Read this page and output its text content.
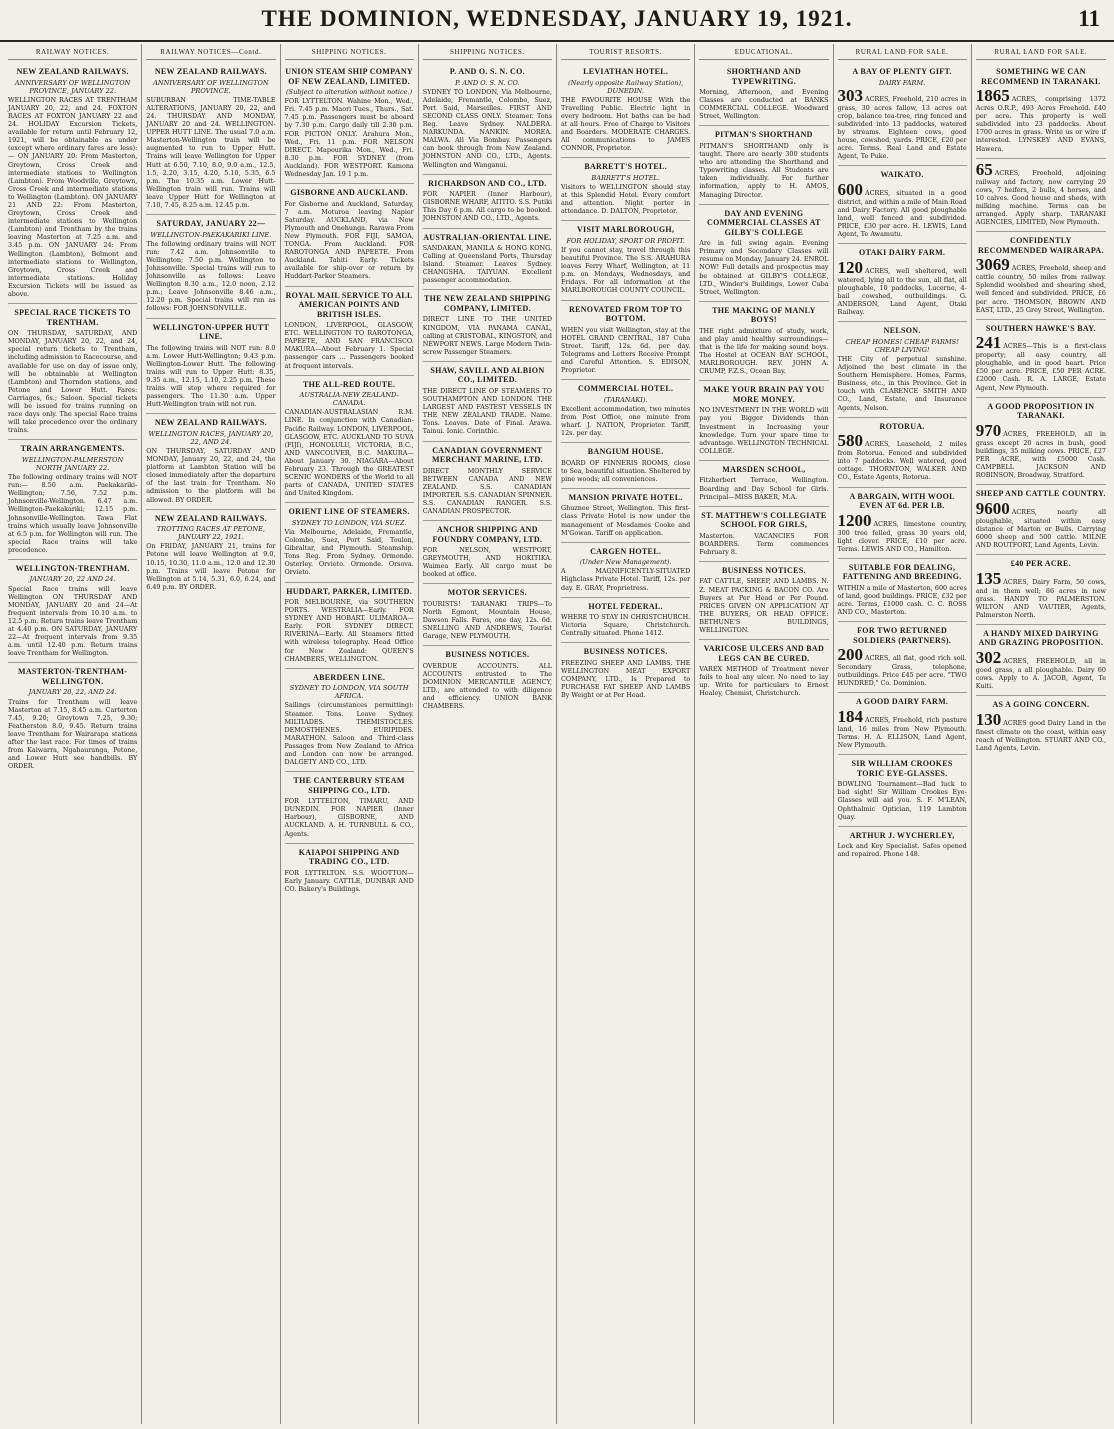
THE DOMINION, WEDNESDAY, JANUARY 19, 1921.	11
RAILWAY NOTICES.
NEW ZEALAND RAILWAYS.
ANNIVERSARY OF WELLINGTON PROVINCE, JANUARY 22.

WELLINGTON RACES AT TRENTHAM JANUARY 20, 22, and 24. FOXTON RACES AT FOXTON JANUARY 22 and 24. HOLIDAY Excursion Tickets, available for return until February 12, 1921, will be obtainable as under (except where ordinary fares are less):— ON JANUARY 20: From Masterton, Greytown, Cross Creek and intermediate stations to Wellington (Lambton). From Woodville, Greytown, Cross Creek and intermediate stations to Wellington (Lambton). ON JANUARY 21 AND 22: From Masterton, Greytown, Cross Creek and intermediate stations to Wellington (Lambton) and Trentham by the trains leaving Masterton at 7.25 a.m. and 3.45 p.m. ON JANUARY 24: From Wellington (Lambton), Belmont and intermediate stations to Wellington, Greytown, Cross Creek and intermediate stations. Holiday Excursion Tickets will be issued as above.

SPECIAL RACE TICKETS TO TRENTHAM.

ON THURSDAY, SATURDAY, AND MONDAY, JANUARY 20, 22, and 24, special return tickets to Trentham, including admission to Racecourse, and available for use on day of issue only, will be obtainable at Wellington (Lambton) and Thorndon stations, and Petone and Lower Hutt. Fares: Carriages, 6s.; Saloon. Special tickets will be issued for trains running on race days only. The special Race trains will take precedence over the ordinary trains.

TRAIN ARRANGEMENTS.
WELLINGTON-PALMERSTON NORTH JANUARY 22.

The following ordinary trains will NOT run:— 8.50 a.m. Paekakariki-Wellington; 7.56, 7.52 p.m. Johnsonville-Wellington. 6.47 a.m. Wellington-Paekakariki; 12.15 p.m. Johnsonville-Wellington. Tawa Flat trains which usually leave Johnsonville at 6.5 p.m. for Wellington will run. The special Race trains will take precedence.

WELLINGTON-TRENTHAM.
JANUARY 20, 22 AND 24.

Special Race trains will leave Wellington ON THURSDAY AND MONDAY, JANUARY 20 and 24—At frequent intervals from 10.10 a.m. to 12.5 p.m. Return trains leave Trentham at 4.40 p.m. ON SATURDAY, JANUARY 22—At frequent intervals from 9.35 a.m. until 12.40 p.m. Return trains leave Trentham for Wellington.

MASTERTON-TRENTHAM-WELLINGTON.
JANUARY 20, 22, AND 24.

Trains for Trentham will leave Masterton at 7.15, 8.45 a.m. Carterton 7.45, 9.20; Greytown 7.25, 9.30; Featherston 8.0, 9.45. Return trains leave Trentham for Wairarapa stations after the last race. For times of trains from Kaiwarra, Ngahauranga, Petone, and Lower Hutt see handbills. BY ORDER.

RAILWAY NOTICES—Contd.
NEW ZEALAND RAILWAYS.
ANNIVERSARY OF WELLINGTON PROVINCE.

SUBURBAN TIME-TABLE ALTERATIONS, JANUARY 20, 22, and 24. THURSDAY AND MONDAY, JANUARY 20 and 24. WELLINGTON-UPPER HUTT LINE. The usual 7.0 a.m. Masterton-Wellington train will be augmented to run to Upper Hutt. Trains will leave Wellington for Upper Hutt at 6.50, 7.10, 8.0, 9.0 a.m., 12.5, 1.5, 2.20, 3.15, 4.20, 5.10, 5.35, 6.5 p.m. The 10.35 a.m. Lower Hutt-Wellington train will run. Trains will leave Upper Hutt for Wellington at 7.10, 7.45, 8.25 a.m. 12.45 p.m.

SATURDAY, JANUARY 22—
WELLINGTON-PAEKAKARIKI LINE.

The following ordinary trains will NOT run: 7.42 a.m. Johnsonville to Wellington; 7.50 p.m. Wellington to Johnsonville. Special trains will run to Johnsonville as follows: Leave Wellington 8.30 a.m., 12.0 noon, 2.12 p.m.; Leave Johnsonville 8.46 a.m., 12.20 p.m. Special trains will run as follows: FOR JOHNSONVILLE.

WELLINGTON-UPPER HUTT LINE.

The following trains will NOT run: 8.0 a.m. Lower Hutt-Wellington; 9.43 p.m. Wellington-Lower Hutt. The following trains will run to Upper Hutt: 8.35, 9.35 a.m., 12.15, 1.10, 2.25 p.m. These trains will stop where required for passengers. The 11.30 a.m. Upper Hutt-Wellington train will not run.

NEW ZEALAND RAILWAYS.
WELLINGTON RACES, JANUARY 20, 22, AND 24.

ON THURSDAY, SATURDAY AND MONDAY, January 20, 22, and 24, the platform at Lambton Station will be closed immediately after the departure of the last train for Trentham. No admission to the platform will be allowed. BY ORDER.

NEW ZEALAND RAILWAYS.
TROTTING RACES AT PETONE, JANUARY 22, 1921.

On FRIDAY, JANUARY 21, trains for Petone will leave Wellington at 9.0, 10.15, 10.30, 11.0 a.m., 12.0 and 12.30 p.m. Trains will leave Petone for Wellington at 5.14, 5.31, 6.0, 6.24, and 6.49 p.m. BY ORDER.

SHIPPING NOTICES.
UNION STEAM SHIP COMPANY OF NEW ZEALAND, LIMITED.
(Subject to alteration without notice.)

FOR LYTTELTON. Wahine Mon., Wed., Fri. 7.45 p.m. Maori Tues., Thurs., Sat. 7.45 p.m. Passengers must be aboard by 7.30 p.m. Cargo daily till 2.30 p.m. FOR PICTON ONLY. Arahura Mon., Wed., Fri. 11 p.m. FOR NELSON DIRECT. Mapourika Mon., Wed., Fri. 8.30 p.m. FOR SYDNEY (from Auckland). FOR WESTPORT. Kamona Wednesday Jan. 19 1 p.m.

GISBORNE AND AUCKLAND.

For Gisborne and Auckland, Saturday, 7 a.m. Moturoa leaving Napier Saturday. AUCKLAND, via New Plymouth and Onehunga. Rarawa From New Plymouth. FOR FIJI, SAMOA, TONGA. From Auckland. FOR RAROTONGA AND PAPEETE. From Auckland. Tahiti Early. Tickets available for ship-over or return by Huddart-Parker Steamers.

ROYAL MAIL SERVICE TO ALL AMERICAN POINTS AND BRITISH ISLES.

LONDON, LIVERPOOL, GLASGOW, ETC. WELLINGTON TO RAROTONGA, PAPEETE, AND SAN FRANCISCO. MAKURA—About February 1. Special passenger cars ... Passengers booked at frequent intervals.

THE ALL-RED ROUTE.
AUSTRALIA-NEW ZEALAND-CANADA.

CANADIAN-AUSTRALASIAN R.M. LINE. In conjunction with Canadian-Pacific Railway. LONDON, LIVERPOOL, GLASGOW, ETC. AUCKLAND TO SUVA (FIJI), HONOLULU, VICTORIA, B.C., AND VANCOUVER, B.C. MAKURA—About January 30. NIAGARA—About February 23. Through the GREATEST SCENIC WONDERS of the World to all parts of CANADA, UNITED STATES and United Kingdom.

ORIENT LINE OF STEAMERS.
SYDNEY TO LONDON, VIA SUEZ.

Via Melbourne, Adelaide, Fremantle, Colombo, Suez, Port Said, Toulon, Gibraltar, and Plymouth. Steamship. Tons Reg. From Sydney. Ormonde. Osterley. Orvieto. Ormonde. Orsova. Orvieto.

HUDDART, PARKER, LIMITED.

FOR MELBOURNE, via SOUTHERN PORTS. WESTRALIA—Early. FOR SYDNEY AND HOBART. ULIMAROA—Early. FOR SYDNEY DIRECT. RIVERINA—Early. All Steamers fitted with wireless telegraphy. Head Office for New Zealand: QUEEN'S CHAMBERS, WELLINGTON.

ABERDEEN LINE.
SYDNEY TO LONDON, VIA SOUTH AFRICA.

Sailings (circumstances permitting): Steamer. Tons. Leave Sydney. MILTIADES. THEMISTOCLES. DEMOSTHENES. EURIPIDES. MARATHON. Saloon and Third-class Passages from New Zealand to Africa and London can now be arranged. DALGETY AND CO., LTD.

THE CANTERBURY STEAM SHIPPING CO., LTD.

FOR LYTTELTON, TIMARU, AND DUNEDIN. FOR NAPIER (Inner Harbour), GISBORNE, AND AUCKLAND. A. H. TURNBULL & CO., Agents.

KAIAPOI SHIPPING AND TRADING CO., LTD.

FOR LYTTELTON. S.S. WOOTTON—Early January. CATTLE, DUNBAR AND CO. Bakery's Buildings.

SHIPPING NOTICES.
P. AND O. S. N. CO.
P. AND O. S. N. CO.

SYDNEY TO LONDON, Via Melbourne, Adelaide, Fremantle, Colombo, Suez, Port Said, Marseilles. FIRST AND SECOND CLASS ONLY. Steamer. Tons Reg. Leave Sydney. NALDERA. NARKUNDA. NANKIN. MOREA. MALWA. All Via Bombay. Passengers can book through from New Zealand. JOHNSTON AND CO., LTD., Agents. Wellington and Wanganui.

RICHARDSON AND CO., LTD.

FOR NAPIER (Inner Harbour), GISBORNE WHARF, AITITO. S.S. Putiki This Day 6 p.m. All cargo to be booked. JOHNSTON AND CO., LTD., Agents.

AUSTRALIAN-ORIENTAL LINE.

SANDAKAN, MANILA & HONG KONG. Calling at Queensland Ports, Thursday Island. Steamer. Leaves Sydney. CHANGSHA. TAIYUAN. Excellent passenger accommodation.

THE NEW ZEALAND SHIPPING COMPANY, LIMITED.

DIRECT LINE TO THE UNITED KINGDOM, VIA PANAMA CANAL, calling at CRISTOBAL, KINGSTON, and NEWPORT NEWS. Large Modern Twin-screw Passenger Steamers.

SHAW, SAVILL AND ALBION CO., LIMITED.

THE DIRECT LINE OF STEAMERS TO SOUTHAMPTON AND LONDON. THE LARGEST AND FASTEST VESSELS IN THE NEW ZEALAND TRADE. Name. Tons. Leaves. Date of Final. Arawa. Tainui. Ionic. Corinthic.

CANADIAN GOVERNMENT MERCHANT MARINE, LTD.

DIRECT MONTHLY SERVICE BETWEEN CANADA AND NEW ZEALAND. S.S. CANADIAN IMPORTER. S.S. CANADIAN SPINNER. S.S. CANADIAN RANGER. S.S. CANADIAN PROSPECTOR.

ANCHOR SHIPPING AND FOUNDRY COMPANY, LTD.

FOR NELSON, WESTPORT, GREYMOUTH, AND HOKITIKA. Waimea Early. All cargo must be booked at office.

MOTOR SERVICES.

TOURISTS! TARANAKI TRIPS—To North Egmont, Mountain House, Dawson Falls. Fares, one day, 12s. 6d. SNELLING AND ANDREWS, Tourist Garage, NEW PLYMOUTH.

BUSINESS NOTICES.

OVERDUE ACCOUNTS. ALL ACCOUNTS entrusted to The DOMINION MERCANTILE AGENCY, LTD., are attended to with diligence and efficiency. UNION BANK CHAMBERS.

TOURIST RESORTS.
LEVIATHAN HOTEL.
(Nearly opposite Railway Station), DUNEDIN.

THE FAVOURITE HOUSE With the Travelling Public. Electric light in every bedroom. Hot baths can be had at all hours. Free of Charge to Visitors and Boarders. MODERATE CHARGES. All communications to JAMES CONNOR, Proprietor.

BARRETT'S HOTEL.
BARRETT'S HOTEL.

Visitors to WELLINGTON should stay at this Splendid Hotel. Every comfort and attention. Night porter in attendance. D. DALTON, Proprietor.

VISIT MARLBOROUGH,
FOR HOLIDAY, SPORT OR PROFIT.

If you cannot stay, travel through this beautiful Province. The S.S. ARAHURA leaves Ferry Wharf, Wellington, at 11 p.m. on Mondays, Wednesdays, and Fridays. For all information at the MARLBOROUGH COUNTY COUNCIL.

RENOVATED FROM TOP TO BOTTOM.

WHEN you visit Wellington, stay at the HOTEL GRAND CENTRAL, 187 Cuba Street. Tariff, 12s. 6d. per day. Telegrams and Letters Receive Prompt and Careful Attention. S. EDISON, Proprietor.

COMMERCIAL HOTEL.
(TARANAKI).

Excellent accommodation, two minutes from Post Office, one minute from wharf. J. NATION, Proprietor. Tariff, 12s. per day.

BANGIUM HOUSE.

BOARD OF FINNERIS ROOMS, close to Sea, beautiful situation. Sheltered by pine woods; all conveniences.

MANSION PRIVATE HOTEL.

Ghuznee Street, Wellington. This first-class Private Hotel is now under the management of Mesdames Cooke and M'Gowan. Tariff on application.

CARGEN HOTEL.
(Under New Management).

A MAGNIFICENTLY-SITUATED Highclass Private Hotel. Tariff, 12s. per day. E. GRAY, Proprietress.

HOTEL FEDERAL.

WHERE TO STAY IN CHRISTCHURCH. Victoria Square, Christchurch. Centrally situated. Phone 1412.

BUSINESS NOTICES.

FREEZING SHEEP AND LAMBS. THE WELLINGTON MEAT EXPORT COMPANY, LTD., Is Prepared to PURCHASE FAT SHEEP AND LAMBS By Weight or at Per Head.

EDUCATIONAL.
SHORTHAND AND TYPEWRITING.

Morning, Afternoon, and Evening Classes are conducted at BANKS COMMERCIAL COLLEGE. Woodward Street, Wellington.

PITMAN'S SHORTHAND

PITMAN'S SHORTHAND only is taught. There are nearly 300 students who are attending the Shorthand and Typewriting classes. All Students are taken individually. For further information, apply to H. AMOS, Managing Director.

DAY AND EVENING COMMERCIAL CLASSES AT GILBY'S COLLEGE

Are in full swing again. Evening Primary and Secondary Classes will resume on Monday, January 24. ENROL NOW! Full details and prospectus may be obtained at GILBY'S COLLEGE, LTD., Winder's Buildings, Lower Cuba Street, Wellington.

THE MAKING OF MANLY BOYS!

THE right admixture of study, work, and play amid healthy surroundings—that is the life for making sound boys. The Hostel at OCEAN BAY SCHOOL, MARLBOROUGH. REV. JOHN A. CRUMP, F.Z.S., Ocean Bay.

MAKE YOUR BRAIN PAY YOU MORE MONEY.

NO INVESTMENT IN THE WORLD will pay you Bigger Dividends than Investment in Increasing your knowledge. Turn your spare time to advantage. WELLINGTON TECHNICAL COLLEGE.

MARSDEN SCHOOL,

Fitzherbert Terrace, Wellington. Boarding and Day School for Girls. Principal—MISS BAKER, M.A.

ST. MATTHEW'S COLLEGIATE SCHOOL FOR GIRLS,

Masterton. VACANCIES FOR BOARDERS. Term commences February 8.

BUSINESS NOTICES.

FAT CATTLE, SHEEP, AND LAMBS. N. Z. MEAT PACKING & BACON CO. Are Buyers at Per Head or Per Pound. PRICES GIVEN ON APPLICATION AT THE BUYERS, OR HEAD OFFICE: BETHUNE'S BUILDINGS, WELLINGTON.

VARICOSE ULCERS AND BAD LEGS CAN BE CURED.

VAREX METHOD of Treatment never fails to heal any ulcer. No need to lay up. Write for particulars to Ernest Healey, Chemist, Christchurch.

RURAL LAND FOR SALE.
A BAY OF PLENTY GIFT.
DAIRY FARM.

303 ACRES, Freehold, 210 acres in grass, 30 acres fallow, 13 acres oat crop, balance tea-tree, ring fenced and subdivided into 13 paddocks, watered by streams. Eighteen cows, good house, cowshed, yards. PRICE, £20 per acre. Terms. Real Land and Estate Agent, Te Puke.

WAIKATO.

600 ACRES, situated in a good district, and within a mile of Main Road and Dairy Factory. All good ploughable land, well fenced and subdivided. PRICE, £30 per acre. H. LEWIS, Land Agent, Te Awamutu.

OTAKI DAIRY FARM.

120 ACRES, well sheltered, well watered, lying all to the sun, all flat, all ploughable, 10 paddocks, Lucerne, 4-bail cowshed, outbuildings. G. ANDERSON, Land Agent, Otaki Railway.

NELSON.
CHEAP HOMES! CHEAP FARMS! CHEAP LIVING!

THE City of perpetual sunshine. Adjoined the best climate in the Southern Hemisphere. Homes, Farms, Business, etc., in this Province. Get in touch with CLARENCE SMITH AND CO., Land, Estate, and Insurance Agents, Nelson.

ROTORUA.

580 ACRES, Leasehold, 2 miles from Rotorua. Fenced and subdivided into 7 paddocks. Well watered, good cottage. THORNTON, WALKER AND CO., Estate Agents, Rotorua.

A BARGAIN, WITH WOOL EVEN AT 6d. PER LB.

1200 ACRES, limestone country, 300 tree felled, grass 30 years old, light clover. PRICE, £10 per acre. Terms. LEWIS AND CO., Hamilton.

SUITABLE FOR DEALING, FATTENING AND BREEDING.

WITHIN a mile of Masterton, 600 acres of land, good buildings. PRICE, £32 per acre. Terms, £1000 cash. C. C. ROSS AND CO., Masterton.

FOR TWO RETURNED SOLDIERS (PARTNERS).

200 ACRES, all flat, good rich soil. Secondary Grass, telephone, outbuildings. Price £45 per acre. "TWO HUNDRED," Co. Dominion.

A GOOD DAIRY FARM.

184 ACRES, Freehold, rich pasture land, 16 miles from New Plymouth. Terms. H. A. ELLISON, Land Agent, New Plymouth.

SIR WILLIAM CROOKES TORIC EYE-GLASSES.

BOWLING Tournament—Bad luck to bad sight! Sir William Crookes Eye-Glasses will aid you. S. F. M'LEAN, Ophthalmic Optician, 119 Lambton Quay.

ARTHUR J. WYCHERLEY,

Lock and Key Specialist. Safes opened and repaired. Phone 148.

RURAL LAND FOR SALE.
SOMETHING WE CAN RECOMMEND IN TARANAKI.

1865 ACRES, comprising 1372 Acres O.R.P., 493 Acres Freehold. £40 per acre. This property is well subdivided into 23 paddocks. About 1700 acres in grass. Write us or wire if interested. LYNSKEY AND EVANS, Hawera.

65 ACRES, Freehold, adjoining railway and factory, now carrying 29 cows, 7 heifers, 2 bulls, 4 horses, and 10 calves. Good house and sheds, with milking machine. Terms can be arranged. Apply sharp. TARANAKI AGENCIES, LIMITED, New Plymouth.

CONFIDENTLY RECOMMENDED WAIRARAPA.

3069 ACRES, Freehold, sheep and cattle country, 50 miles from railway. Splendid woolshed and shearing shed, well fenced and subdivided. PRICE, £6 per acre. THOMSON, BROWN AND EAST, LTD., 25 Grey Street, Wellington.

SOUTHERN HAWKE'S BAY.

241 ACRES—This is a first-class property; all easy country, all ploughable, and in good heart. Price £50 per acre. PRICE, £50 PER ACRE. £2000 Cash. R. A. LARGE, Estate Agent, New Plymouth.

A GOOD PROPOSITION IN TARANAKI.

970 ACRES, FREEHOLD, all in grass except 20 acres in bush, good buildings, 35 milking cows. PRICE, £27 PER ACRE, with £5000 Cash. CAMPBELL JACKSON AND ROBINSON, Broadway, Stratford.

SHEEP AND CATTLE COUNTRY.

9600 ACRES, nearly all ploughable, situated within easy distance of Marton or Bulls. Carrying 6000 sheep and 500 cattle. MILNE AND ROUTFORT, Land Agents, Levin.

£40 PER ACRE.

135 ACRES, Dairy Farm, 50 cows, and in them well; 86 acres in new grass. HANDY TO PALMERSTON. WILTON AND VAUTIER, Agents, Palmerston North.

A HANDY MIXED DAIRYING AND GRAZING PROPOSITION.

302 ACRES, FREEHOLD, all in good grass, a all ploughable. Dairy 60 cows. Apply to A. JACOB, Agent, Te Kuiti.

AS A GOING CONCERN.

130 ACRES good Dairy Land in the finest climate on the coast, within easy reach of Wellington. STUART AND CO., Land Agents, Levin.
